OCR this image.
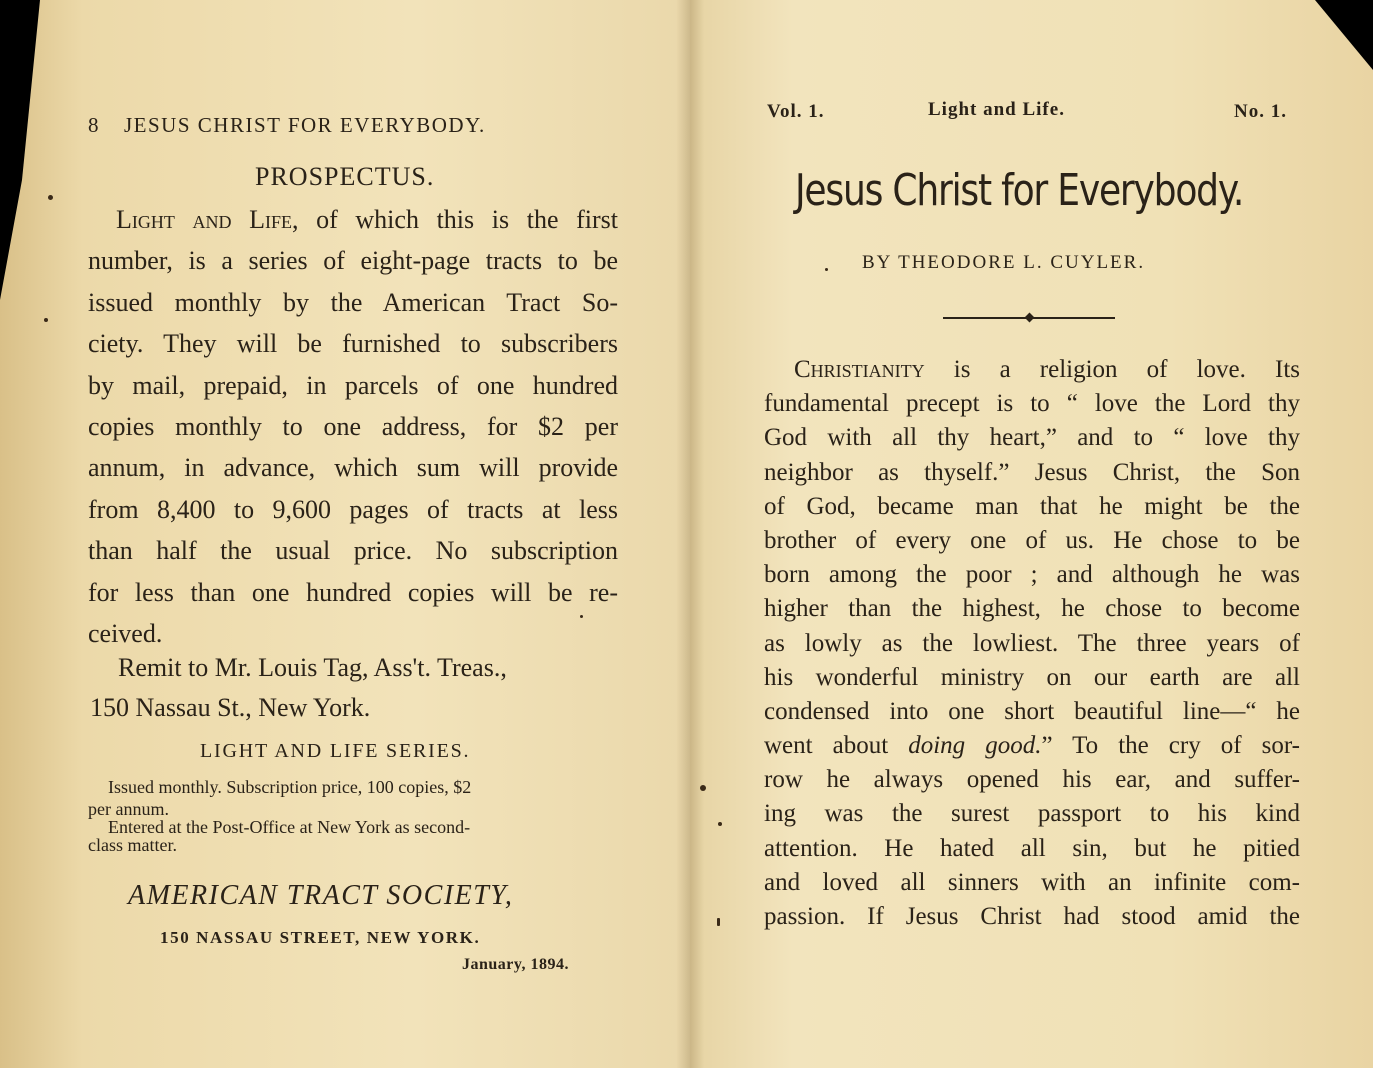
8 JESUS CHRIST FOR EVERYBODY.
PROSPECTUS.
Light and Life, of which this is the first
number, is a series of eight-page tracts to be
issued monthly by the American Tract So-
ciety. They will be furnished to subscribers
by mail, prepaid, in parcels of one hundred
copies monthly to one address, for $2 per
annum, in advance, which sum will provide
from 8,400 to 9,600 pages of tracts at less
than half the usual price. No subscription
for less than one hundred copies will be re-
ceived.
Remit to Mr. Louis Tag, Ass't. Treas.,
150 Nassau St., New York.
LIGHT AND LIFE SERIES.
Issued monthly. Subscription price, 100 copies, $2
per annum.
Entered at the Post-Office at New York as second-
class matter.
AMERICAN TRACT SOCIETY,
150 NASSAU STREET, NEW YORK.
January, 1894.
Vol. 1.	Light and Life.	No. 1.
Jesus Christ for Everybody.
BY THEODORE L. CUYLER.
Christianity is a religion of love. Its
fundamental precept is to “ love the Lord thy
God with all thy heart,” and to “ love thy
neighbor as thyself.” Jesus Christ, the Son
of God, became man that he might be the
brother of every one of us. He chose to be
born among the poor ; and although he was
higher than the highest, he chose to become
as lowly as the lowliest. The three years of
his wonderful ministry on our earth are all
condensed into one short beautiful line—“ he
went about doing good.” To the cry of sor-
row he always opened his ear, and suffer-
ing was the surest passport to his kind
attention. He hated all sin, but he pitied
and loved all sinners with an infinite com-
passion. If Jesus Christ had stood amid the
